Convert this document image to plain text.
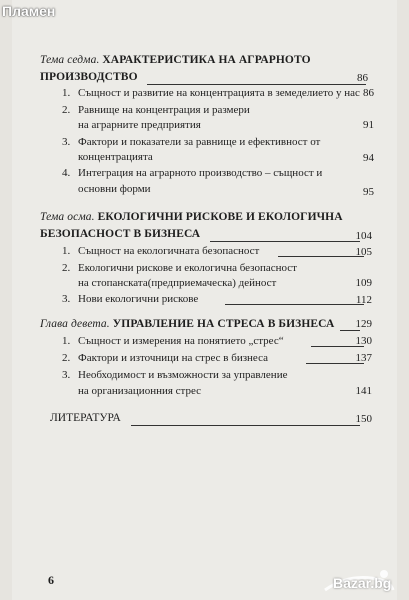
Пламен
Тема седма. ХАРАКТЕРИСТИКА НА АГРАРНОТО
ПРОИЗВОДСТВО	86
1. Същност и развитие на концентрацията в земеделието у нас 86
2. Равнище на концентрация и размери
на аграрните предприятия	91
3. Фактори и показатели за равнище и ефективност от
концентрацията	94
4. Интеграция на аграрното производство – същност и
основни форми	95
Тема осма. ЕКОЛОГИЧНИ РИСКОВЕ И ЕКОЛОГИЧНА
БЕЗОПАСНОСТ В БИЗНЕСА	104
1. Същност на екологичната безопасност	105
2. Екологични рискове и екологична безопасност
на стопанската(предприемаческа) дейност	109
3. Нови екологични рискове	112
Глава девета. УПРАВЛЕНИЕ НА СТРЕСА В БИЗНЕСА	129
1. Същност и измерения на понятието „стрес“	130
2. Фактори и източници на стрес в бизнеса	137
3. Необходимост и възможности за управление
на организационния стрес	141
ЛИТЕРАТУРА	150
6	Bazar.bg
